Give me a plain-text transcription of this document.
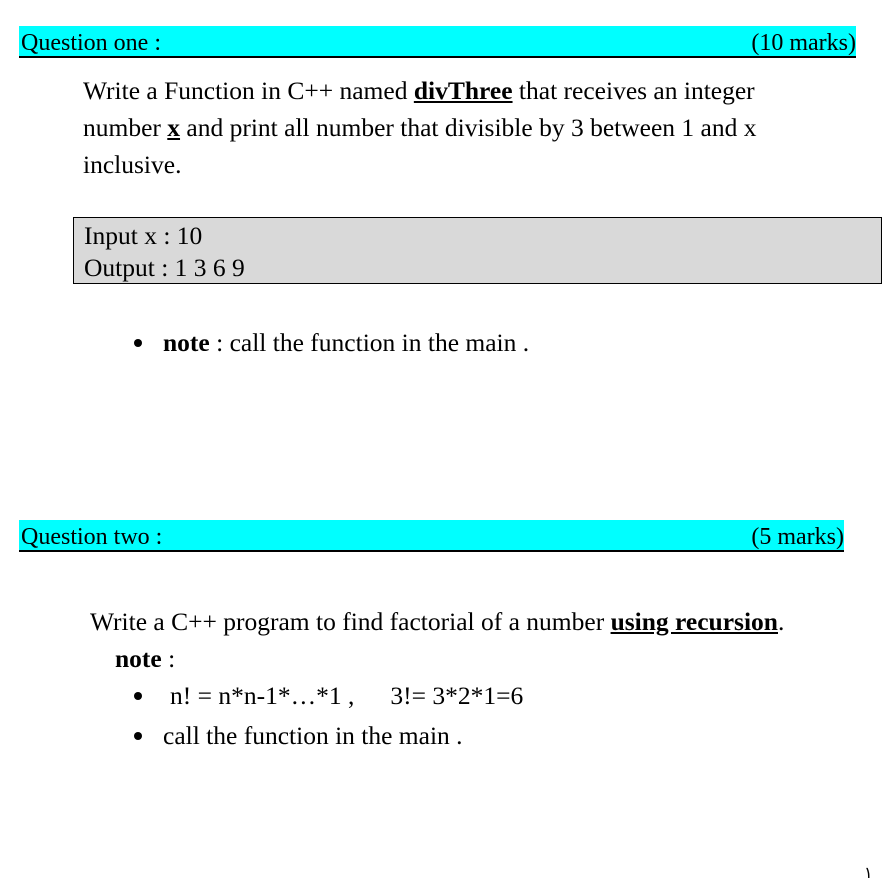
Question one :	(10 marks)
Write a Function in C++ named divThree that receives an integer
number x and print all number that divisible by 3 between 1 and x
inclusive.
Input x : 10
Output : 1 3 6 9
note : call the function in the main .
Question two :	(5 marks)
Write a C++ program to find factorial of a number using recursion.
note :
n! = n*n-1*…*1 , 3!= 3*2*1=6
call the function in the main .
١
